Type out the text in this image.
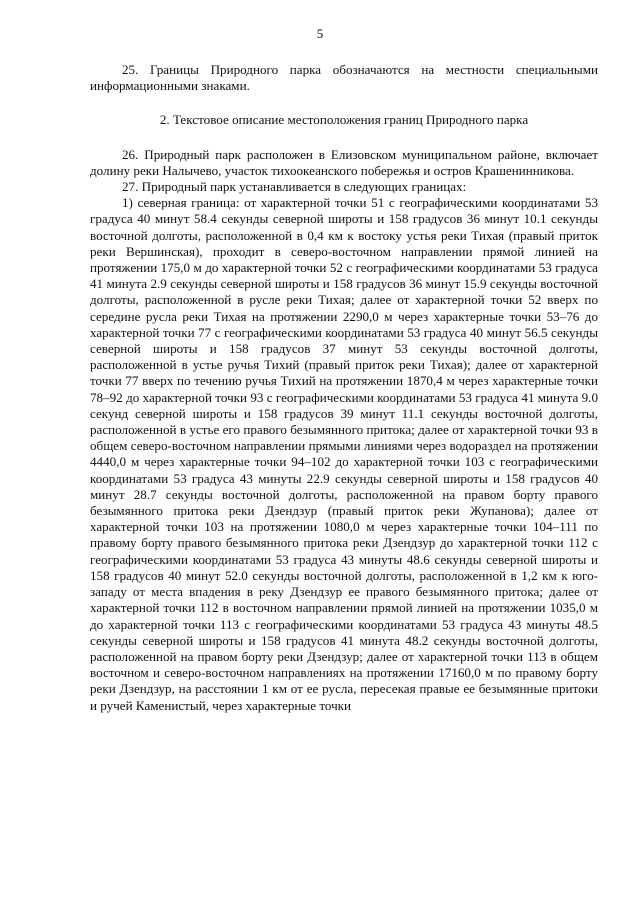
5

25. Границы Природного парка обозначаются на местности специальными информационными знаками.

2. Текстовое описание местоположения границ Природного парка

26. Природный парк расположен в Елизовском муниципальном районе, включает долину реки Налычево, участок тихоокеанского побережья и остров Крашенинникова.

27. Природный парк устанавливается в следующих границах:

1) северная граница: от характерной точки 51 с географическими координатами 53 градуса 40 минут 58.4 секунды северной широты и 158 градусов 36 минут 10.1 секунды восточной долготы, расположенной в 0,4 км к востоку устья реки Тихая (правый приток реки Вершинская), проходит в северо-восточном направлении прямой линией на протяжении 175,0 м до характерной точки 52 с географическими координатами 53 градуса 41 минута 2.9 секунды северной широты и 158 градусов 36 минут 15.9 секунды восточной долготы, расположенной в русле реки Тихая; далее от характерной точки 52 вверх по середине русла реки Тихая на протяжении 2290,0 м через характерные точки 53–76 до характерной точки 77 с географическими координатами 53 градуса 40 минут 56.5 секунды северной широты и 158 градусов 37 минут 53 секунды восточной долготы, расположенной в устье ручья Тихий (правый приток реки Тихая); далее от характерной точки 77 вверх по течению ручья Тихий на протяжении 1870,4 м через характерные точки 78–92 до характерной точки 93 с географическими координатами 53 градуса 41 минута 9.0 секунд северной широты и 158 градусов 39 минут 11.1 секунды восточной долготы, расположенной в устье его правого безымянного притока; далее от характерной точки 93 в общем северо-восточном направлении прямыми линиями через водораздел на протяжении 4440,0 м через характерные точки 94–102 до характерной точки 103 с географическими координатами 53 градуса 43 минуты 22.9 секунды северной широты и 158 градусов 40 минут 28.7 секунды восточной долготы, расположенной на правом борту правого безымянного притока реки Дзендзур (правый приток реки Жупанова); далее от характерной точки 103 на протяжении 1080,0 м через характерные точки 104–111 по правому борту правого безымянного притока реки Дзендзур до характерной точки 112 с географическими координатами 53 градуса 43 минуты 48.6 секунды северной широты и 158 градусов 40 минут 52.0 секунды восточной долготы, расположенной в 1,2 км к юго-западу от места впадения в реку Дзендзур ее правого безымянного притока; далее от характерной точки 112 в восточном направлении прямой линией на протяжении 1035,0 м до характерной точки 113 с географическими координатами 53 градуса 43 минуты 48.5 секунды северной широты и 158 градусов 41 минута 48.2 секунды восточной долготы, расположенной на правом борту реки Дзендзур; далее от характерной точки 113 в общем восточном и северо-восточном направлениях на протяжении 17160,0 м по правому борту реки Дзендзур, на расстоянии 1 км от ее русла, пересекая правые ее безымянные притоки и ручей Каменистый, через характерные точки
